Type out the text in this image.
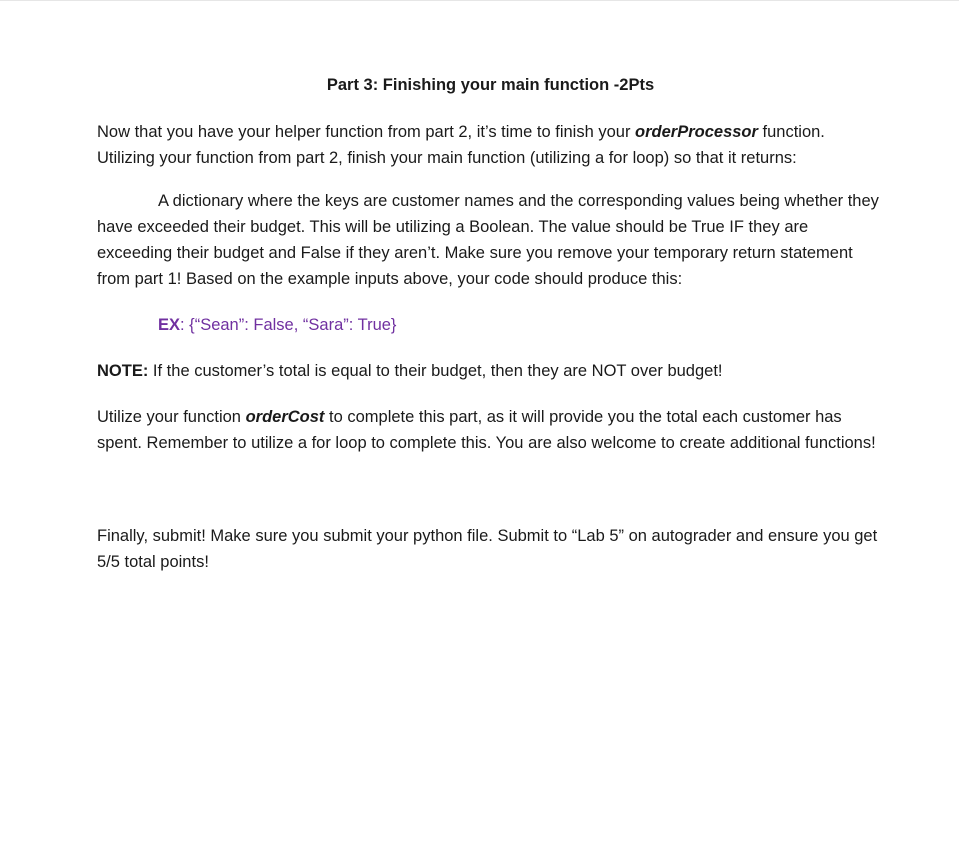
Part 3: Finishing your main function -2Pts

Now that you have your helper function from part 2, it’s time to finish your orderProcessor function. Utilizing your function from part 2, finish your main function (utilizing a for loop) so that it returns:

A dictionary where the keys are customer names and the corresponding values being whether they have exceeded their budget. This will be utilizing a Boolean. The value should be True IF they are exceeding their budget and False if they aren’t. Make sure you remove your temporary return statement from part 1! Based on the example inputs above, your code should produce this:

EX: {“Sean”: False, “Sara”: True}

NOTE: If the customer’s total is equal to their budget, then they are NOT over budget!

Utilize your function orderCost to complete this part, as it will provide you the total each customer has spent. Remember to utilize a for loop to complete this. You are also welcome to create additional functions!

Finally, submit! Make sure you submit your python file. Submit to “Lab 5” on autograder and ensure you get 5/5 total points!
